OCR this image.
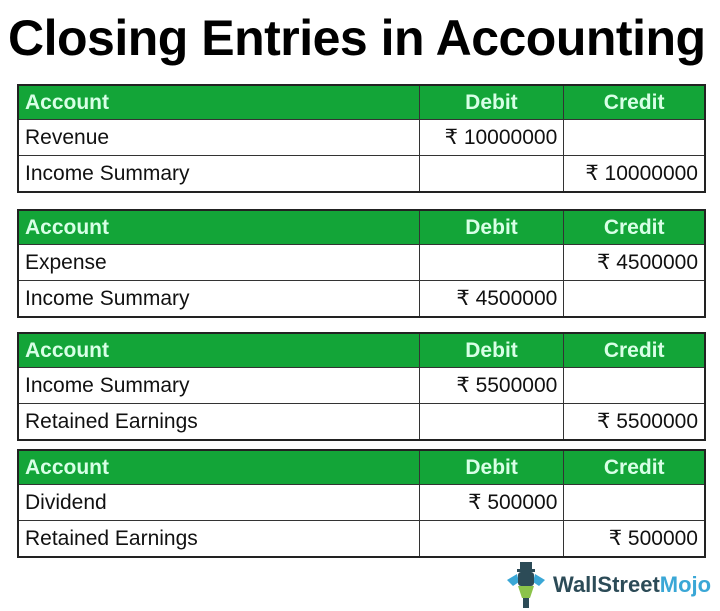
Closing Entries in Accounting
Account	Debit	Credit
Revenue	₹ 10000000	
Income Summary		₹ 10000000
Account	Debit	Credit
Expense		₹ 4500000
Income Summary	₹ 4500000	
Account	Debit	Credit
Income Summary	₹ 5500000	
Retained Earnings		₹ 5500000
Account	Debit	Credit
Dividend	₹ 500000	
Retained Earnings		₹ 500000
WallStreetMojo
